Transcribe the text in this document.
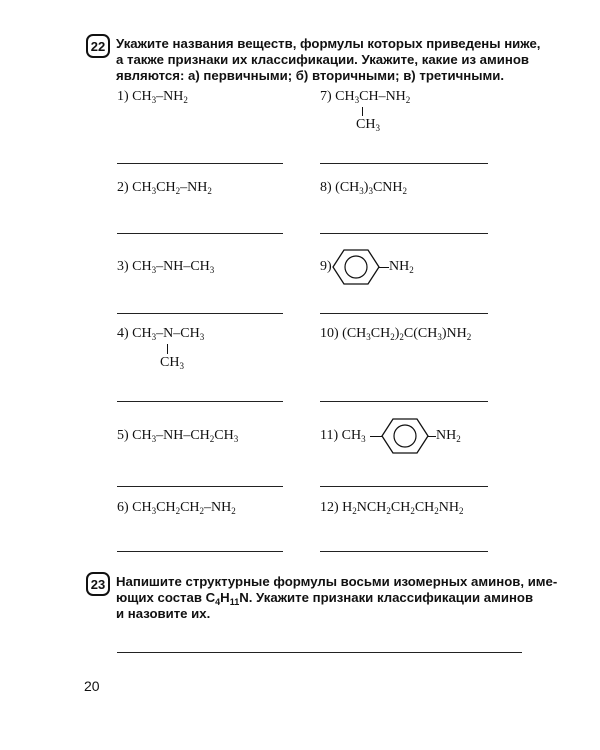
22 Укажите названия веществ, формулы которых приведены ниже,
а также признаки их классификации. Укажите, какие из аминов
являются: а) первичными; б) вторичными; в) третичными.
1) $CH_3-NH_2$	7) $CH_3CH-NH_2$
$CH_3$
2) $CH_3CH_2-NH_2$	8) $(CH_3)_3CNH_2$
3) $CH_3-NH-CH_3$	9)	$NH_2$
4) $CH_3-N-CH_3$
$CH_3$
10) $(CH_3CH_2)_2C(CH_3)NH_2$
5) $CH_3-NH-CH_2CH_3$	11) $CH_3$	$NH_2$
6) $CH_3CH_2CH_2-NH_2$	12) $H_2NCH_2CH_2CH_2NH_2$
23 Напишите структурные формулы восьми изомерных аминов, име-
ющих состав $C_4H_{11}N$. Укажите признаки классификации аминов
и назовите их.
20
